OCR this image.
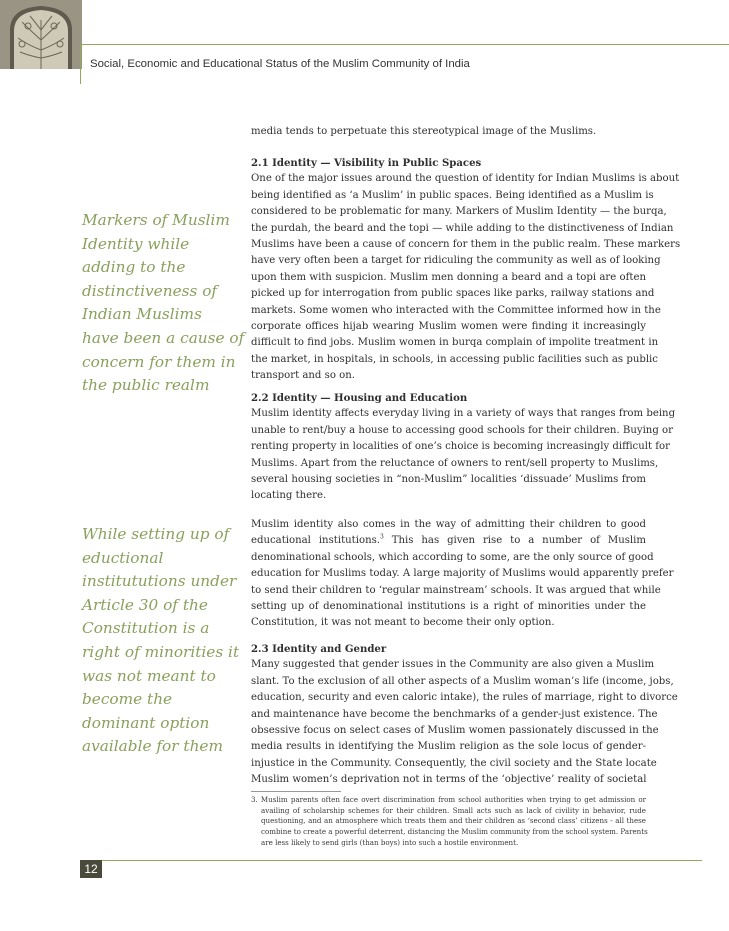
Social, Economic and Educational Status of the Muslim Community of India
Markers of Muslim
Identity while
adding to the
distinctiveness of
Indian Muslims
have been a cause of
concern for them in
the public realm
While setting up of
eductional
institututions under
Article 30 of the
Constitution is a
right of minorities it
was not meant to
become the
dominant option
available for them
media tends to perpetuate this stereotypical image of the Muslims.
2.1 Identity — Visibility in Public Spaces
One of the major issues around the question of identity for Indian Muslims is about
being identified as ‘a Muslim’ in public spaces. Being identified as a Muslim is
considered to be problematic for many. Markers of Muslim Identity — the burqa,
the purdah, the beard and the topi — while adding to the distinctiveness of Indian
Muslims have been a cause of concern for them in the public realm. These markers
have very often been a target for ridiculing the community as well as of looking
upon them with suspicion. Muslim men donning a beard and a topi are often
picked up for interrogation from public spaces like parks, railway stations and
markets. Some women who interacted with the Committee informed how in the
corporate offices hijab wearing Muslim women were finding it increasingly
difficult to find jobs. Muslim women in burqa complain of impolite treatment in
the market, in hospitals, in schools, in accessing public facilities such as public
transport and so on.
2.2 Identity — Housing and Education
Muslim identity affects everyday living in a variety of ways that ranges from being
unable to rent/buy a house to accessing good schools for their children. Buying or
renting property in localities of one’s choice is becoming increasingly difficult for
Muslims. Apart from the reluctance of owners to rent/sell property to Muslims,
several housing societies in “non-Muslim” localities ‘dissuade’ Muslims from
locating there.
Muslim identity also comes in the way of admitting their children to good
educational institutions.$^3$ This has given rise to a number of Muslim
denominational schools, which according to some, are the only source of good
education for Muslims today. A large majority of Muslims would apparently prefer
to send their children to ‘regular mainstream’ schools. It was argued that while
setting up of denominational institutions is a right of minorities under the
Constitution, it was not meant to become their only option.
2.3 Identity and Gender
Many suggested that gender issues in the Community are also given a Muslim
slant. To the exclusion of all other aspects of a Muslim woman’s life (income, jobs,
education, security and even caloric intake), the rules of marriage, right to divorce
and maintenance have become the benchmarks of a gender-just existence. The
obsessive focus on select cases of Muslim women passionately discussed in the
media results in identifying the Muslim religion as the sole locus of gender-
injustice in the Community. Consequently, the civil society and the State locate
Muslim women’s deprivation not in terms of the ‘objective’ reality of societal
3. Muslim parents often face overt discrimination from school authorities when trying to get admission or
availing of scholarship schemes for their children. Small acts such as lack of civility in behavior, rude
questioning, and an atmosphere which treats them and their children as ‘second class’ citizens - all these
combine to create a powerful deterrent, distancing the Muslim community from the school system. Parents
are less likely to send girls (than boys) into such a hostile environment.
12
